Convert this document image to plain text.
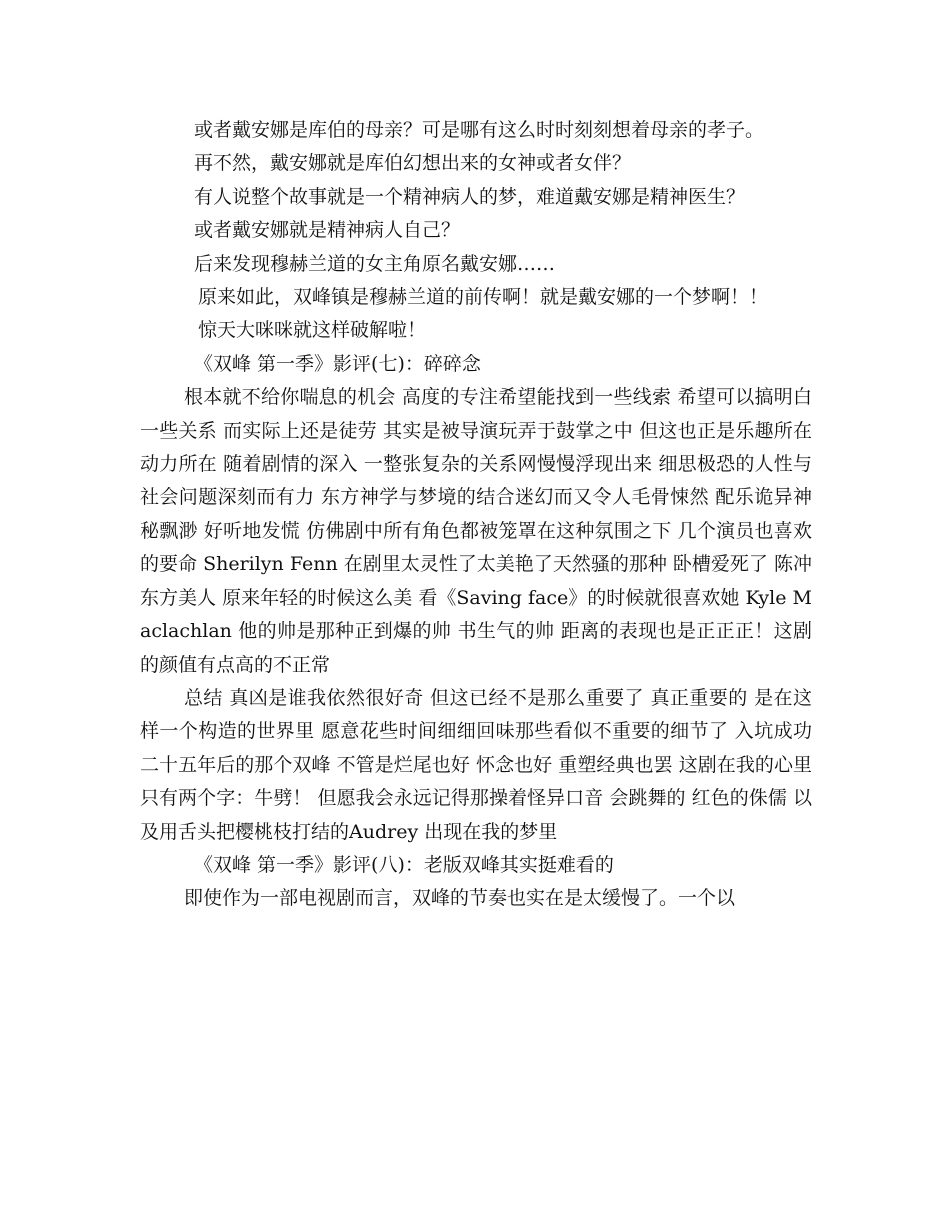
或者戴安娜是库伯的母亲？可是哪有这么时时刻刻想着母亲的孝子。

再不然，戴安娜就是库伯幻想出来的女神或者女伴？

有人说整个故事就是一个精神病人的梦，难道戴安娜是精神医生？

或者戴安娜就是精神病人自己？

后来发现穆赫兰道的女主角原名戴安娜……

原来如此，双峰镇是穆赫兰道的前传啊！就是戴安娜的一个梦啊！！

惊天大咪咪就这样破解啦！

《双峰 第一季》影评(七)：碎碎念

根本就不给你喘息的机会 高度的专注希望能找到一些线索 希望可以搞明白一些关系 而实际上还是徒劳 其实是被导演玩弄于鼓掌之中 但这也正是乐趣所在 动力所在 随着剧情的深入 一整张复杂的关系网慢慢浮现出来 细思极恐的人性与社会问题深刻而有力 东方神学与梦境的结合迷幻而又令人毛骨悚然 配乐诡异神秘飘渺 好听地发慌 仿佛剧中所有角色都被笼罩在这种氛围之下 几个演员也喜欢的要命 Sherilyn Fenn 在剧里太灵性了太美艳了天然骚的那种 卧槽爱死了 陈冲 东方美人 原来年轻的时候这么美 看《Saving face》的时候就很喜欢她 Kyle Maclachlan 他的帅是那种正到爆的帅 书生气的帅 距离的表现也是正正正！这剧的颜值有点高的不正常

总结 真凶是谁我依然很好奇 但这已经不是那么重要了 真正重要的 是在这样一个构造的世界里 愿意花些时间细细回味那些看似不重要的细节了 入坑成功 二十五年后的那个双峰 不管是烂尾也好 怀念也好 重塑经典也罢 这剧在我的心里只有两个字：牛劈！ 但愿我会永远记得那操着怪异口音 会跳舞的 红色的侏儒 以及用舌头把樱桃枝打结的Audrey 出现在我的梦里

《双峰 第一季》影评(八)：老版双峰其实挺难看的

即使作为一部电视剧而言，双峰的节奏也实在是太缓慢了。一个以
